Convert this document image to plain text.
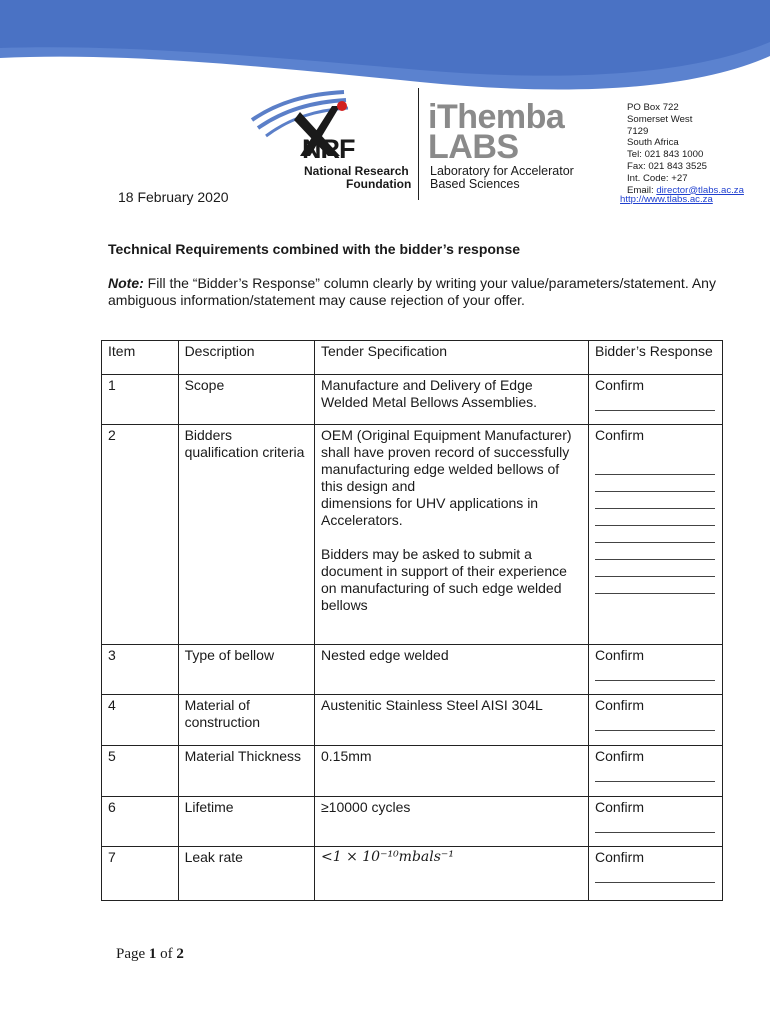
NRF
National Research
Foundation
iThemba
LABS
Laboratory for Accelerator
Based Sciences
PO Box 722
Somerset West
7129
South Africa
Tel: 021 843 1000
Fax: 021 843 3525
Int. Code: +27
Email: director@tlabs.ac.za
http://www.tlabs.ac.za
18 February 2020
Technical Requirements combined with the bidder’s response
Note: Fill the “Bidder’s Response” column clearly by writing your value/parameters/statement. Any ambiguous information/statement may cause rejection of your offer.
Item	Description	Tender Specification	Bidder’s Response
1	Scope	Manufacture and Delivery of Edge Welded Metal Bellows Assemblies.	Confirm

2	Bidders qualification criteria	OEM (Original Equipment Manufacturer) shall have proven record of successfully manufacturing edge welded bellows of this design and
dimensions for UHV applications in Accelerators.
Bidders may be asked to submit a document in support of their experience on manufacturing of such edge welded bellows	Confirm

3	Type of bellow	Nested edge welded	Confirm

4	Material of construction	Austenitic Stainless Steel AISI 304L	Confirm

5	Material Thickness	0.15mm	Confirm

6	Lifetime	≥10000 cycles	Confirm

7	Leak rate	<1 × 10⁻¹⁰mbals⁻¹	Confirm
Page 1 of 2
